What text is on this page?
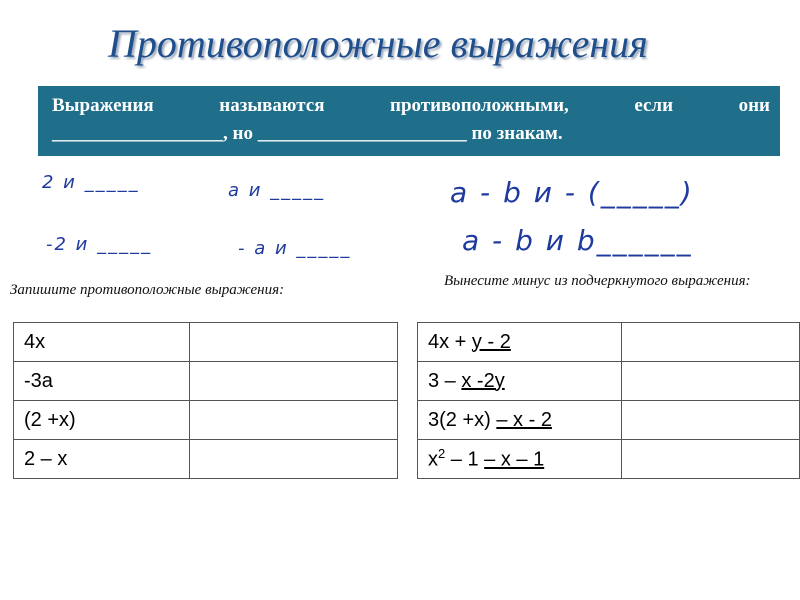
Противоположные выражения
Выражения	называются	противоположными,	если	они
__________________, но ______________________ по знакам.
2 и _____	а и _____	a - b и - (_____)
-2 и _____	- а и _____	a - b и b______
Запишите противоположные выражения:
Вынесите минус из подчеркнутого выражения:
4x	
-3a	
(2 +x)	
2 – x	
4x + y - 2	
3 – x -2y	
3(2 +x) – x - 2	
$x^2 - 1$ – x – 1	
